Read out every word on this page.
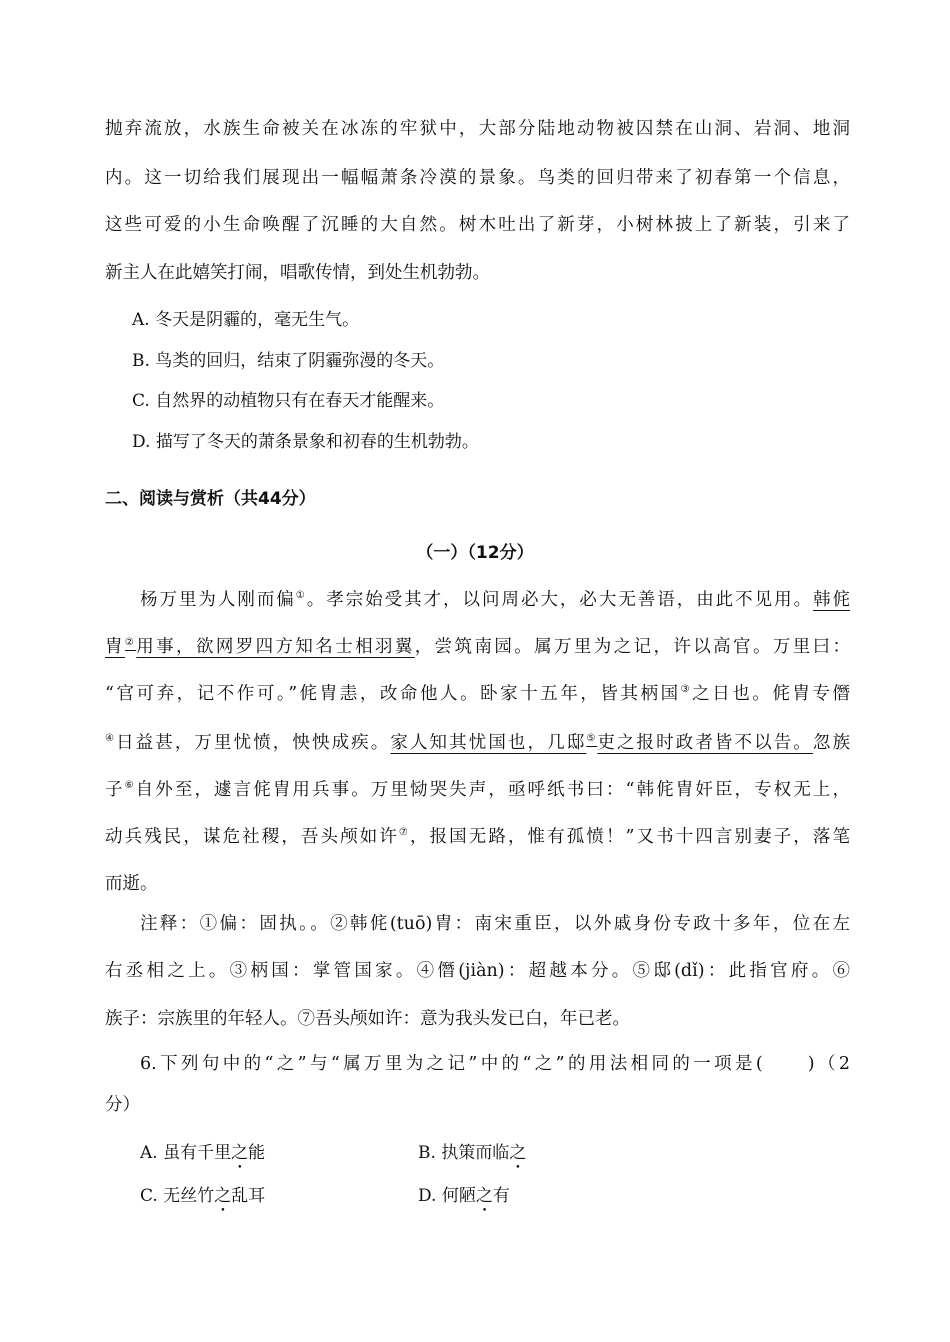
抛弃流放，水族生命被关在冰冻的牢狱中，大部分陆地动物被囚禁在山洞、岩洞、地洞
内。这一切给我们展现出一幅幅萧条冷漠的景象。鸟类的回归带来了初春第一个信息，
这些可爱的小生命唤醒了沉睡的大自然。树木吐出了新芽，小树林披上了新装，引来了
新主人在此嬉笑打闹，唱歌传情，到处生机勃勃。
A. 冬天是阴霾的，毫无生气。
B. 鸟类的回归，结束了阴霾弥漫的冬天。
C. 自然界的动植物只有在春天才能醒来。
D. 描写了冬天的萧条景象和初春的生机勃勃。
二、阅读与赏析（共44分）
（一）（12分）
杨万里为人刚而偏①。孝宗始受其才，以问周必大，必大无善语，由此不见用。韩侂
胄②用事，欲网罗四方知名士相羽翼，尝筑南园。属万里为之记，许以高官。万里曰：
“官可弃，记不作可。”侂胄恚，改命他人。卧家十五年，皆其柄国③之日也。侂胄专僭
④日益甚，万里忧愤，怏怏成疾。家人知其忧国也，几邸⑤吏之报时政者皆不以告。忽族
子⑥自外至，遽言侂胄用兵事。万里恸哭失声，亟呼纸书曰：“韩侂胄奸臣，专权无上，
动兵残民，谋危社稷，吾头颅如许⑦，报国无路，惟有孤愤！”又书十四言别妻子，落笔
而逝。
注释：①偏：固执。。②韩侂(tuō)胄：南宋重臣，以外戚身份专政十多年，位在左
右丞相之上。③柄国：掌管国家。④僭(jiàn)：超越本分。⑤邸(dǐ)：此指官府。⑥
族子：宗族里的年轻人。⑦吾头颅如许：意为我头发已白，年已老。
6.下列句中的“之”与“属万里为之记”中的“之”的用法相同的一项是(　　)（2
分）
A. 虽有千里之能	B. 执策而临之
C. 无丝竹之乱耳	D. 何陋之有
